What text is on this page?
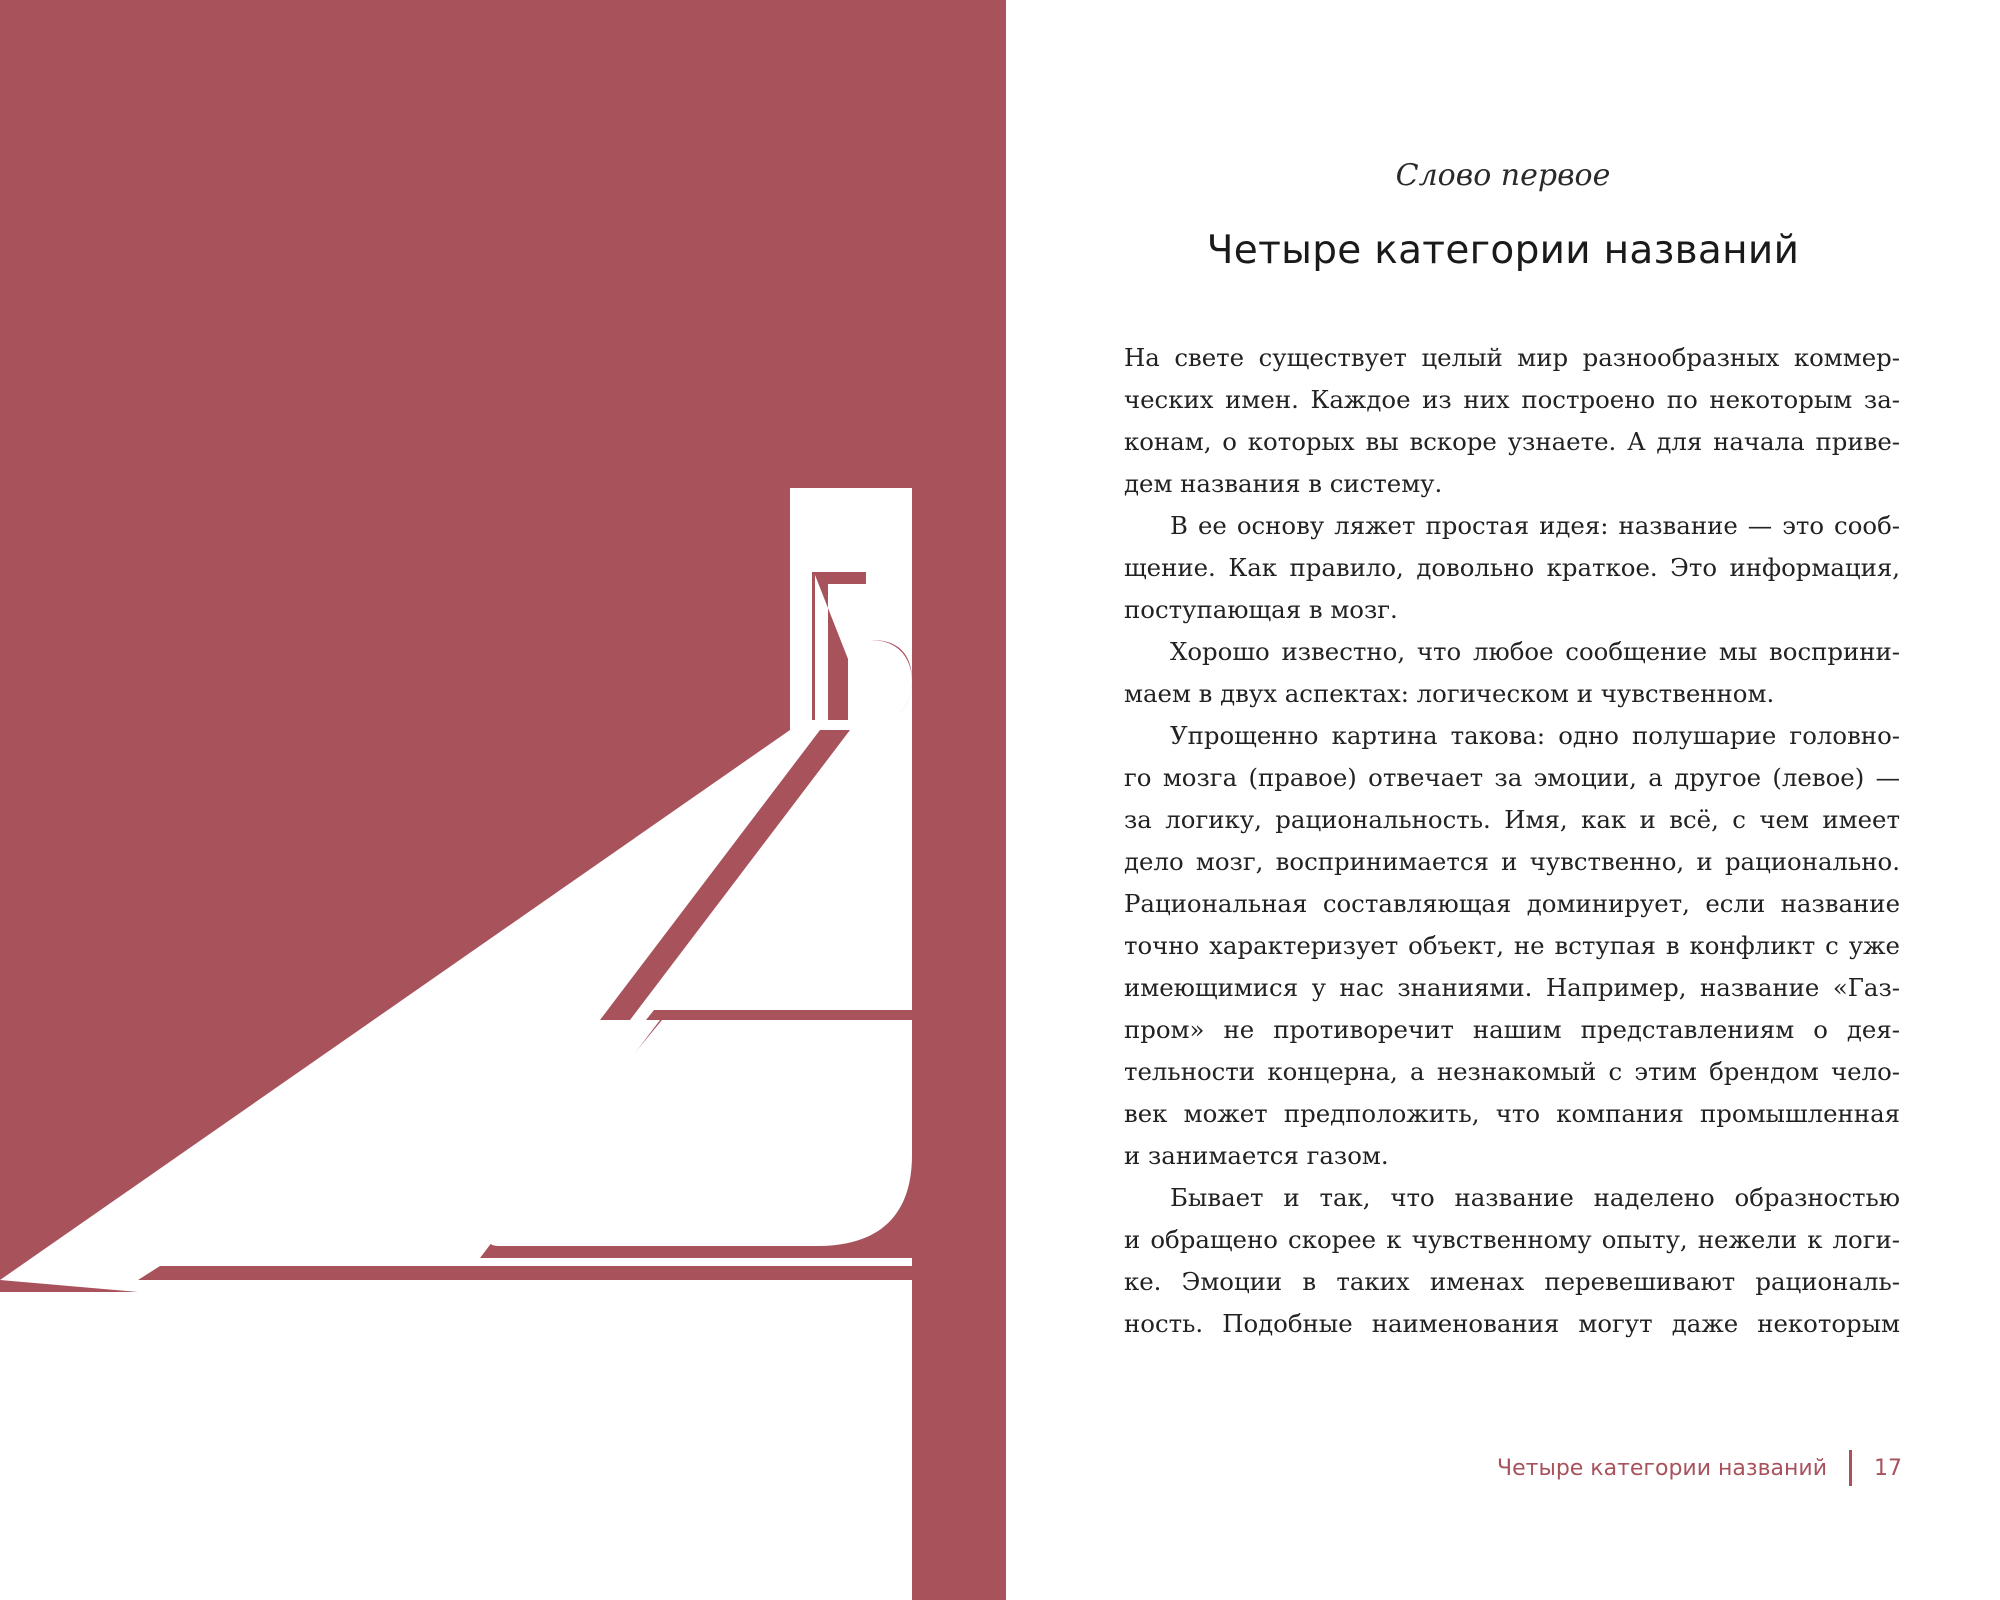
Слово первое
Четыре категории названий
На свете существует целый мир разнообразных коммер-
ческих имен. Каждое из них построено по некоторым за-
конам, о которых вы вскоре узнаете. А для начала приве-
дем названия в систему.
В ее основу ляжет простая идея: название — это сооб-
щение. Как правило, довольно краткое. Это информация,
поступающая в мозг.
Хорошо известно, что любое сообщение мы восприни-
маем в двух аспектах: логическом и чувственном.
Упрощенно картина такова: одно полушарие головно-
го мозга (правое) отвечает за эмоции, а другое (левое) —
за логику, рациональность. Имя, как и всё, с чем имеет
дело мозг, воспринимается и чувственно, и рационально.
Рациональная составляющая доминирует, если название
точно характеризует объект, не вступая в конфликт с уже
имеющимися у нас знаниями. Например, название «Газ-
пром» не противоречит нашим представлениям о дея-
тельности концерна, а незнакомый с этим брендом чело-
век может предположить, что компания промышленная
и занимается газом.
Бывает и так, что название наделено образностью
и обращено скорее к чувственному опыту, нежели к логи-
ке. Эмоции в таких именах перевешивают рациональ-
ность. Подобные наименования могут даже некоторым
Четыре категории названий 17
